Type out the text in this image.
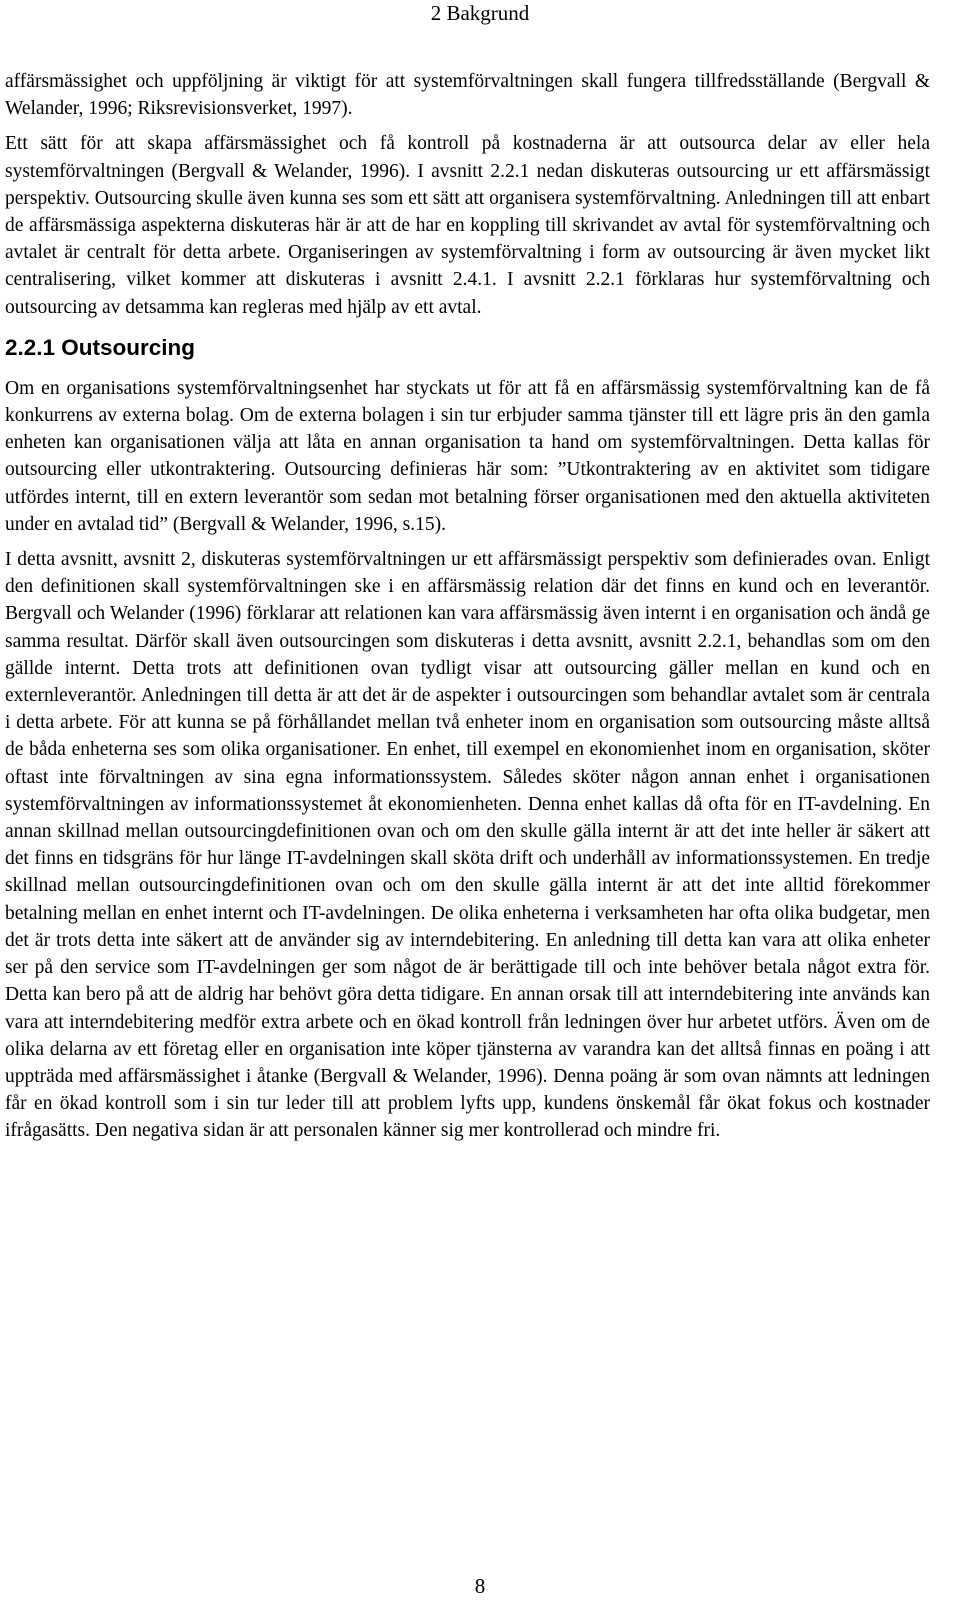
2 Bakgrund

affärsmässighet och uppföljning är viktigt för att systemförvaltningen skall fungera tillfredsställande (Bergvall & Welander, 1996; Riksrevisionsverket, 1997).

Ett sätt för att skapa affärsmässighet och få kontroll på kostnaderna är att outsourca delar av eller hela systemförvaltningen (Bergvall & Welander, 1996). I avsnitt 2.2.1 nedan diskuteras outsourcing ur ett affärsmässigt perspektiv. Outsourcing skulle även kunna ses som ett sätt att organisera systemförvaltning. Anledningen till att enbart de affärsmässiga aspekterna diskuteras här är att de har en koppling till skrivandet av avtal för systemförvaltning och avtalet är centralt för detta arbete. Organiseringen av systemförvaltning i form av outsourcing är även mycket likt centralisering, vilket kommer att diskuteras i avsnitt 2.4.1. I avsnitt 2.2.1 förklaras hur systemförvaltning och outsourcing av detsamma kan regleras med hjälp av ett avtal.

2.2.1 Outsourcing

Om en organisations systemförvaltningsenhet har styckats ut för att få en affärsmässig systemförvaltning kan de få konkurrens av externa bolag. Om de externa bolagen i sin tur erbjuder samma tjänster till ett lägre pris än den gamla enheten kan organisationen välja att låta en annan organisation ta hand om systemförvaltningen. Detta kallas för outsourcing eller utkontraktering. Outsourcing definieras här som: ”Utkontraktering av en aktivitet som tidigare utfördes internt, till en extern leverantör som sedan mot betalning förser organisationen med den aktuella aktiviteten under en avtalad tid” (Bergvall & Welander, 1996, s.15).

I detta avsnitt, avsnitt 2, diskuteras systemförvaltningen ur ett affärsmässigt perspektiv som definierades ovan. Enligt den definitionen skall systemförvaltningen ske i en affärsmässig relation där det finns en kund och en leverantör. Bergvall och Welander (1996) förklarar att relationen kan vara affärsmässig även internt i en organisation och ändå ge samma resultat. Därför skall även outsourcingen som diskuteras i detta avsnitt, avsnitt 2.2.1, behandlas som om den gällde internt. Detta trots att definitionen ovan tydligt visar att outsourcing gäller mellan en kund och en externleverantör. Anledningen till detta är att det är de aspekter i outsourcingen som behandlar avtalet som är centrala i detta arbete. För att kunna se på förhållandet mellan två enheter inom en organisation som outsourcing måste alltså de båda enheterna ses som olika organisationer. En enhet, till exempel en ekonomienhet inom en organisation, sköter oftast inte förvaltningen av sina egna informationssystem. Således sköter någon annan enhet i organisationen systemförvaltningen av informationssystemet åt ekonomienheten. Denna enhet kallas då ofta för en IT-avdelning. En annan skillnad mellan outsourcingdefinitionen ovan och om den skulle gälla internt är att det inte heller är säkert att det finns en tidsgräns för hur länge IT-avdelningen skall sköta drift och underhåll av informationssystemen. En tredje skillnad mellan outsourcingdefinitionen ovan och om den skulle gälla internt är att det inte alltid förekommer betalning mellan en enhet internt och IT-avdelningen. De olika enheterna i verksamheten har ofta olika budgetar, men det är trots detta inte säkert att de använder sig av interndebitering. En anledning till detta kan vara att olika enheter ser på den service som IT-avdelningen ger som något de är berättigade till och inte behöver betala något extra för. Detta kan bero på att de aldrig har behövt göra detta tidigare. En annan orsak till att interndebitering inte används kan vara att interndebitering medför extra arbete och en ökad kontroll från ledningen över hur arbetet utförs. Även om de olika delarna av ett företag eller en organisation inte köper tjänsterna av varandra kan det alltså finnas en poäng i att uppträda med affärsmässighet i åtanke (Bergvall & Welander, 1996). Denna poäng är som ovan nämnts att ledningen får en ökad kontroll som i sin tur leder till att problem lyfts upp, kundens önskemål får ökat fokus och kostnader ifrågasätts. Den negativa sidan är att personalen känner sig mer kontrollerad och mindre fri.

8
